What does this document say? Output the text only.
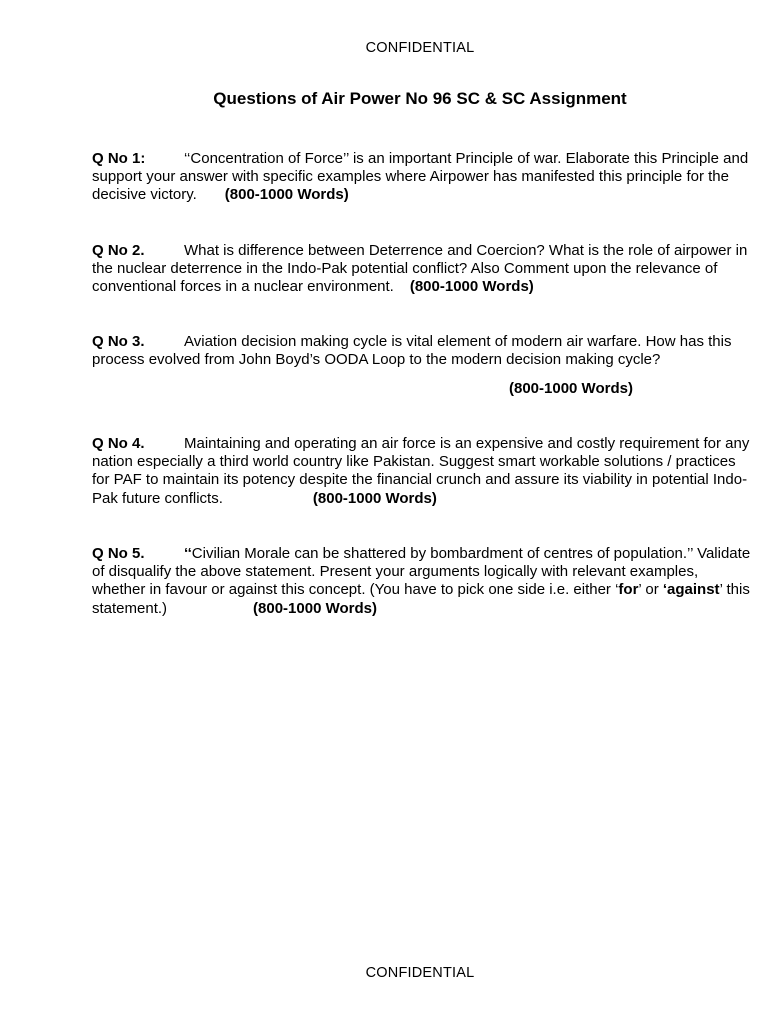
CONFIDENTIAL
Questions of Air Power No 96 SC & SC Assignment
Q No 1:	‘‘Concentration of Force’’ is an important Principle of war. Elaborate this Principle and support your answer with specific examples where Airpower has manifested this principle for the decisive victory. (800-1000 Words)
Q No 2.	What is difference between Deterrence and Coercion? What is the role of airpower in the nuclear deterrence in the Indo-Pak potential conflict? Also Comment upon the relevance of conventional forces in a nuclear environment. (800-1000 Words)
Q No 3.	Aviation decision making cycle is vital element of modern air warfare. How has this process evolved from John Boyd’s OODA Loop to the modern decision making cycle?
(800-1000 Words)
Q No 4.	Maintaining and operating an air force is an expensive and costly requirement for any nation especially a third world country like Pakistan. Suggest smart workable solutions / practices for PAF to maintain its potency despite the financial crunch and assure its viability in potential Indo-Pak future conflicts.	(800-1000 Words)
Q No 5.	‘‘Civilian Morale can be shattered by bombardment of centres of population.’’ Validate of disqualify the above statement. Present your arguments logically with relevant examples, whether in favour or against this concept. (You have to pick one side i.e. either ‘for’ or ‘against’ this statement.)	(800-1000 Words)
CONFIDENTIAL
